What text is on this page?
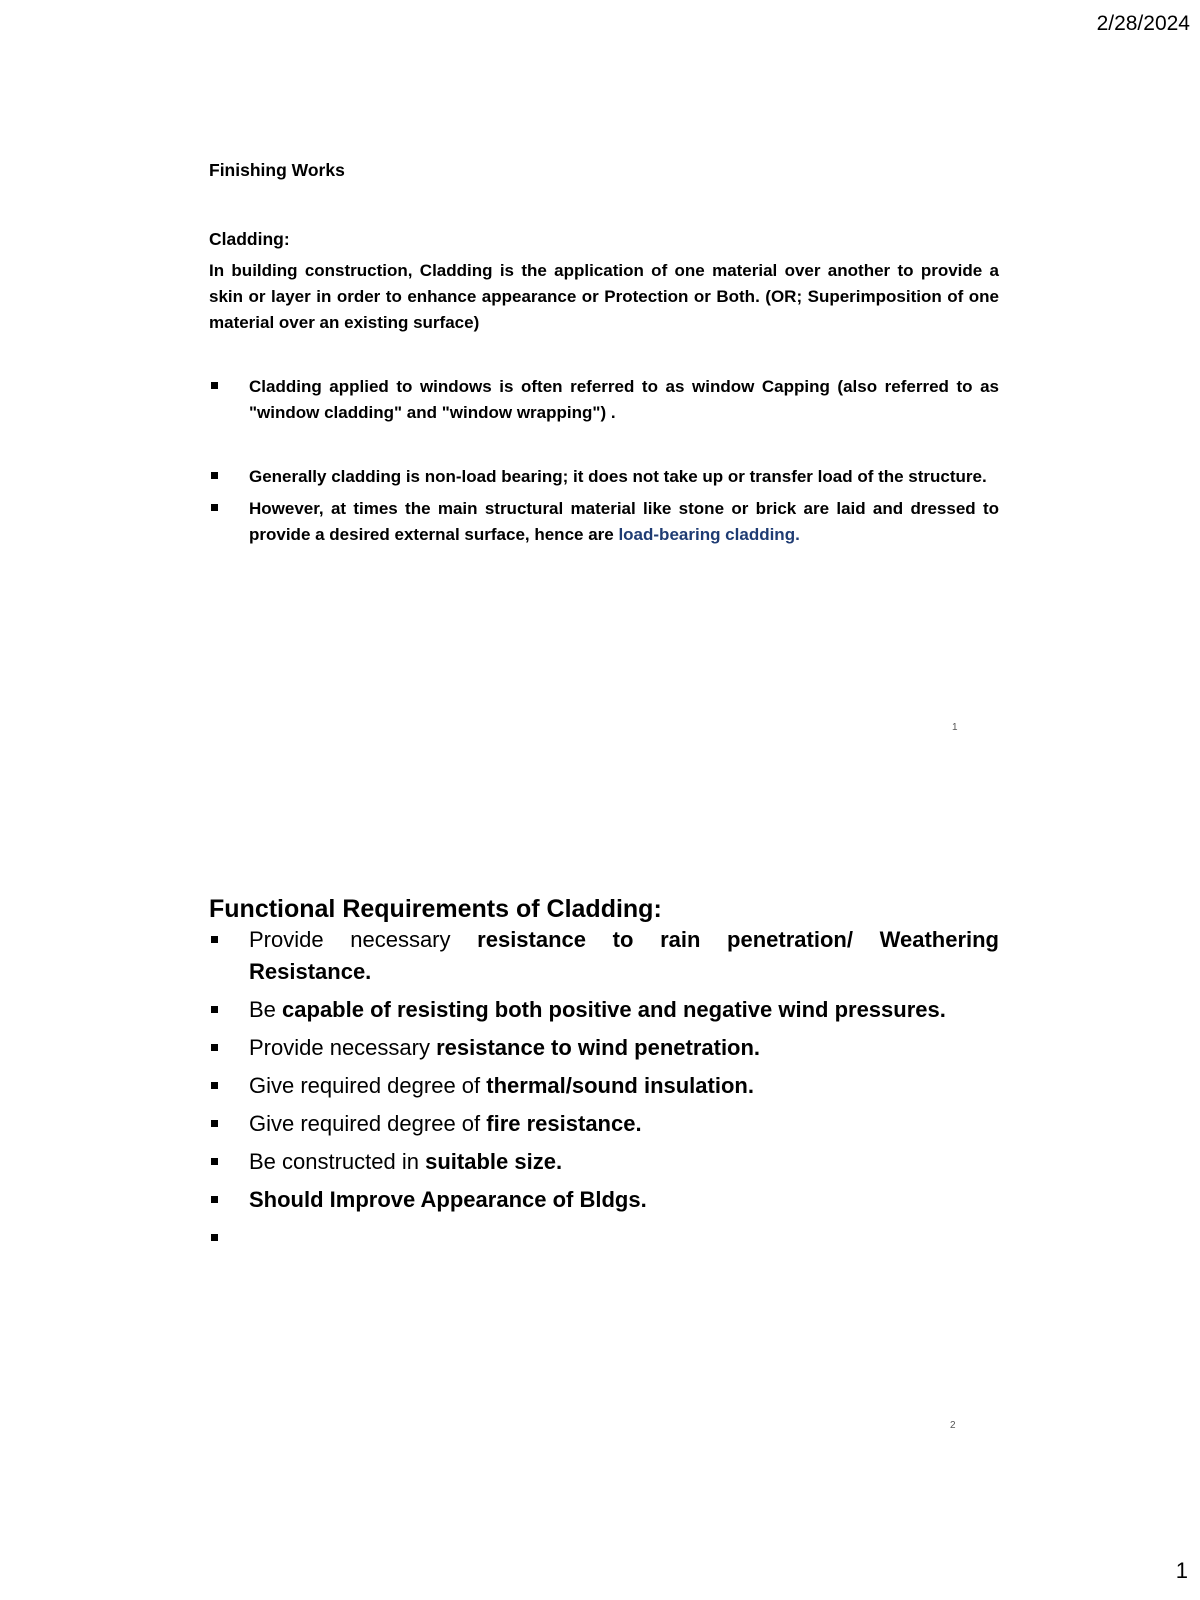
2/28/2024

Finishing Works

Cladding:

In building construction, Cladding is the application of one material over another to provide a skin or layer in order to enhance appearance or Protection or Both. (OR; Superimposition of one material over an existing surface)

Cladding applied to windows is often referred to as window Capping (also referred to as "window cladding" and "window wrapping") .
Generally cladding is non-load bearing; it does not take up or transfer load of the structure.
However, at times the main structural material like stone or brick are laid and dressed to provide a desired external surface, hence are load-bearing cladding.
1

Functional Requirements of Cladding:

Provide necessary resistance to rain penetration/ Weathering Resistance.
Be capable of resisting both positive and negative wind pressures.
Provide necessary resistance to wind penetration.
Give required degree of thermal/sound insulation.
Give required degree of fire resistance.
Be constructed in suitable size.
Should Improve Appearance of Bldgs.
2
1
